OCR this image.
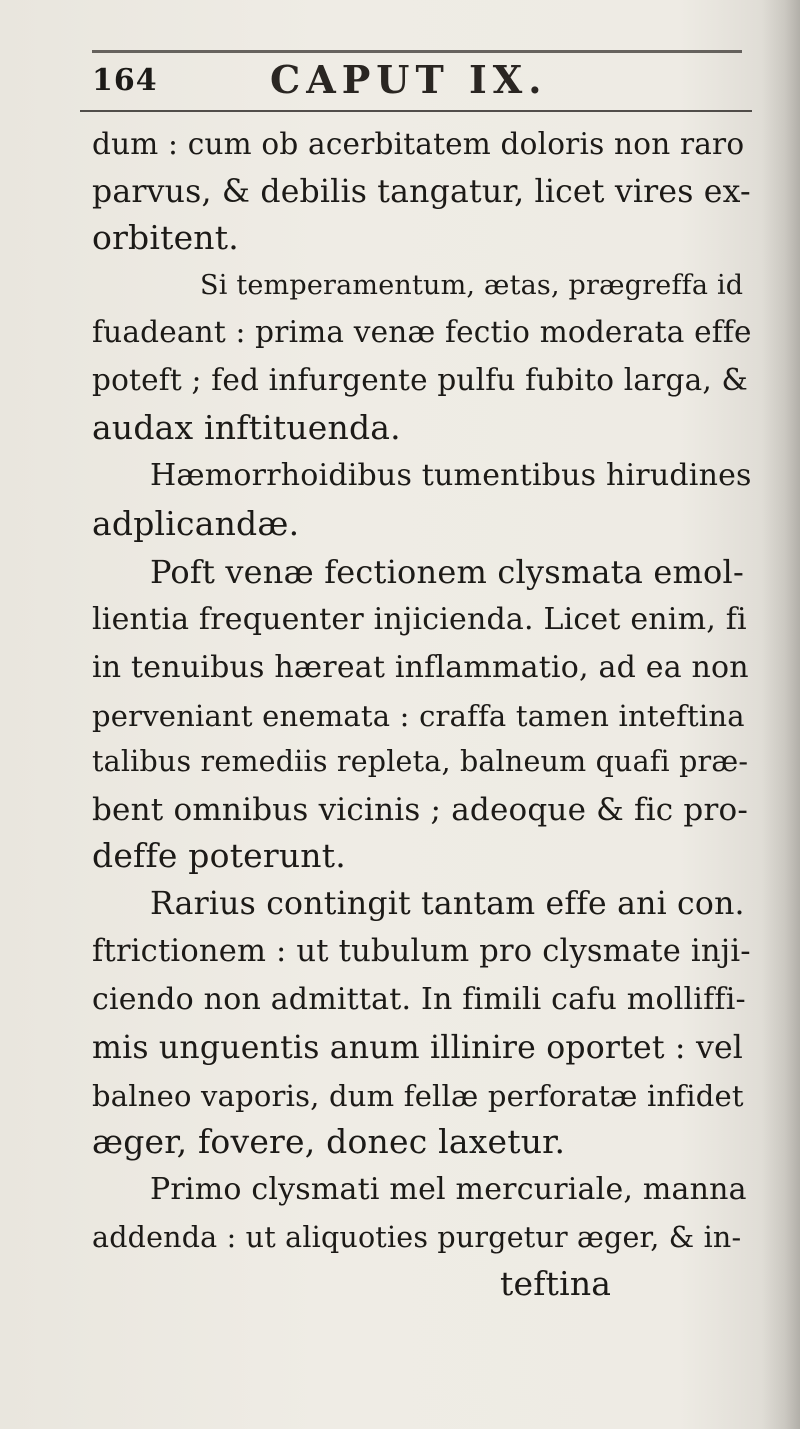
164	CAPUT IX.
dum : cum ob acerbitatem doloris non raro
parvus, & debilis tangatur, licet vires ex-
orbitent.
Si temperamentum, ætas, prægreffa id
fuadeant : prima venæ fectio moderata effe
poteft ; fed infurgente pulfu fubito larga, &
audax inftituenda.
Hæmorrhoidibus tumentibus hirudines
adplicandæ.
Poft venæ fectionem clysmata emol-
lientia frequenter injicienda. Licet enim, fi
in tenuibus hæreat inflammatio, ad ea non
perveniant enemata : craffa tamen inteftina
talibus remediis repleta, balneum quafi præ-
bent omnibus vicinis ; adeoque & fic pro-
deffe poterunt.
Rarius contingit tantam effe ani con.
ftrictionem : ut tubulum pro clysmate inji-
ciendo non admittat. In fimili cafu molliffi-
mis unguentis anum illinire oportet : vel
balneo vaporis, dum fellæ perforatæ infidet
æger, fovere, donec laxetur.
Primo clysmati mel mercuriale, manna
addenda : ut aliquoties purgetur æger, & in-
teftina
